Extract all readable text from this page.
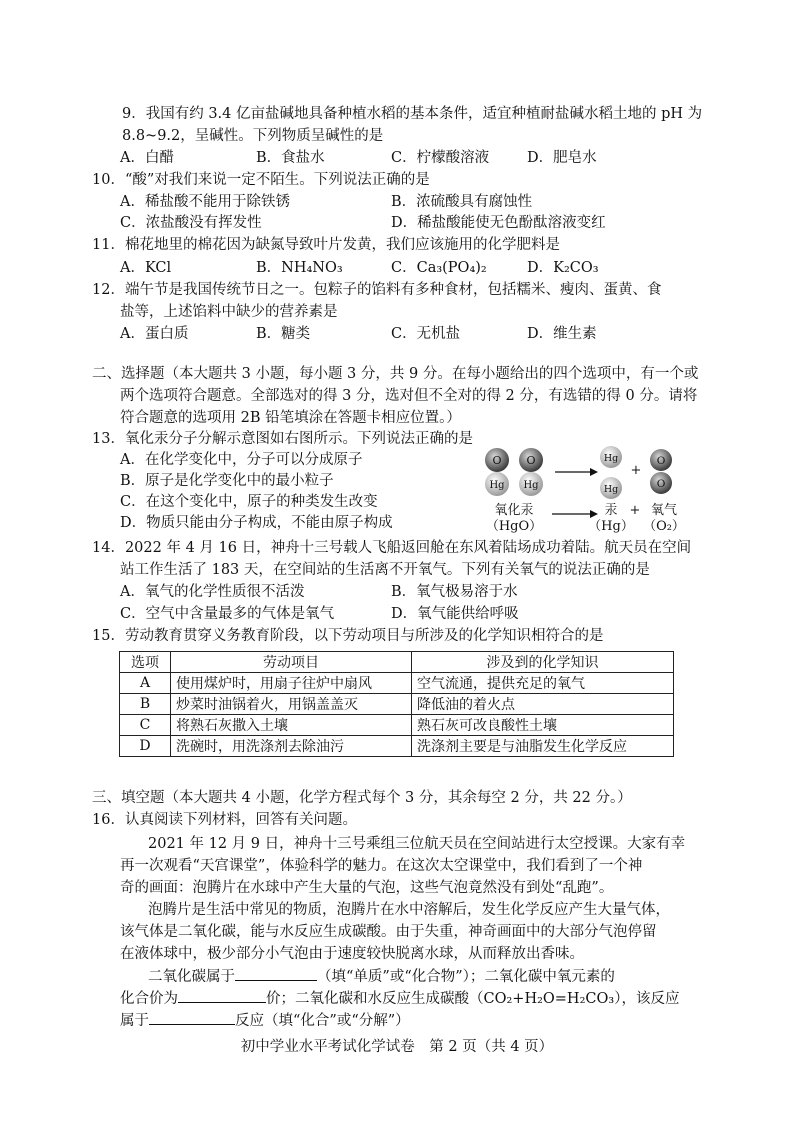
9．我国有约 3.4 亿亩盐碱地具备种植水稻的基本条件，适宜种植耐盐碱水稻土地的 pH 为
8.8~9.2，呈碱性。下列物质呈碱性的是
A．白醋	B．食盐水	C．柠檬酸溶液	D．肥皂水
10．“酸”对我们来说一定不陌生。下列说法正确的是
A．稀盐酸不能用于除铁锈	B．浓硫酸具有腐蚀性
C．浓盐酸没有挥发性	D．稀盐酸能使无色酚酞溶液变红
11．棉花地里的棉花因为缺氮导致叶片发黄，我们应该施用的化学肥料是
A．KCl	B．NH₄NO₃	C．Ca₃(PO₄)₂	D．K₂CO₃
12．端午节是我国传统节日之一。包粽子的馅料有多种食材，包括糯米、瘦肉、蛋黄、食
盐等，上述馅料中缺少的营养素是
A．蛋白质	B．糖类	C．无机盐	D．维生素
二、选择题（本大题共 3 小题，每小题 3 分，共 9 分。在每小题给出的四个选项中，有一个或
两个选项符合题意。全部选对的得 3 分，选对但不全对的得 2 分，有选错的得 0 分。请将
符合题意的选项用 2B 铅笔填涂在答题卡相应位置。）
13．氧化汞分子分解示意图如右图所示。下列说法正确的是
A．在化学变化中，分子可以分成原子
B．原子是化学变化中的最小粒子
C．在这个变化中，原子的种类发生改变
D．物质只能由分子构成，不能由原子构成
O O
Hg Hg
Hg
Hg
+
O
O
氧化汞
（HgO）
→ 汞
（Hg）
+ 氧气
（O₂）
14．2022 年 4 月 16 日，神舟十三号载人飞船返回舱在东风着陆场成功着陆。航天员在空间
站工作生活了 183 天，在空间站的生活离不开氧气。下列有关氧气的说法正确的是
A．氧气的化学性质很不活泼	B．氧气极易溶于水
C．空气中含量最多的气体是氧气	D．氧气能供给呼吸
15．劳动教育贯穿义务教育阶段，以下劳动项目与所涉及的化学知识相符合的是
选项	劳动项目	涉及到的化学知识
A	使用煤炉时，用扇子往炉中扇风	空气流通，提供充足的氧气
B	炒菜时油锅着火，用锅盖盖灭	降低油的着火点
C	将熟石灰撒入土壤	熟石灰可改良酸性土壤
D	洗碗时，用洗涤剂去除油污	洗涤剂主要是与油脂发生化学反应
三、填空题（本大题共 4 小题，化学方程式每个 3 分，其余每空 2 分，共 22 分。）
16．认真阅读下列材料，回答有关问题。
2021 年 12 月 9 日，神舟十三号乘组三位航天员在空间站进行太空授课。大家有幸
再一次观看“天宫课堂”，体验科学的魅力。在这次太空课堂中，我们看到了一个神
奇的画面：泡腾片在水球中产生大量的气泡，这些气泡竟然没有到处“乱跑”。
泡腾片是生活中常见的物质，泡腾片在水中溶解后，发生化学反应产生大量气体，
该气体是二氧化碳，能与水反应生成碳酸。由于失重，神奇画面中的大部分气泡停留
在液体球中，极少部分小气泡由于速度较快脱离水球，从而释放出香味。
二氧化碳属于	（填“单质”或“化合物”）；二氧化碳中氧元素的
化合价为	价；二氧化碳和水反应生成碳酸（CO₂+H₂O=H₂CO₃），该反应
属于	反应（填“化合”或“分解”）
初中学业水平考试化学试卷　第 2 页（共 4 页）
